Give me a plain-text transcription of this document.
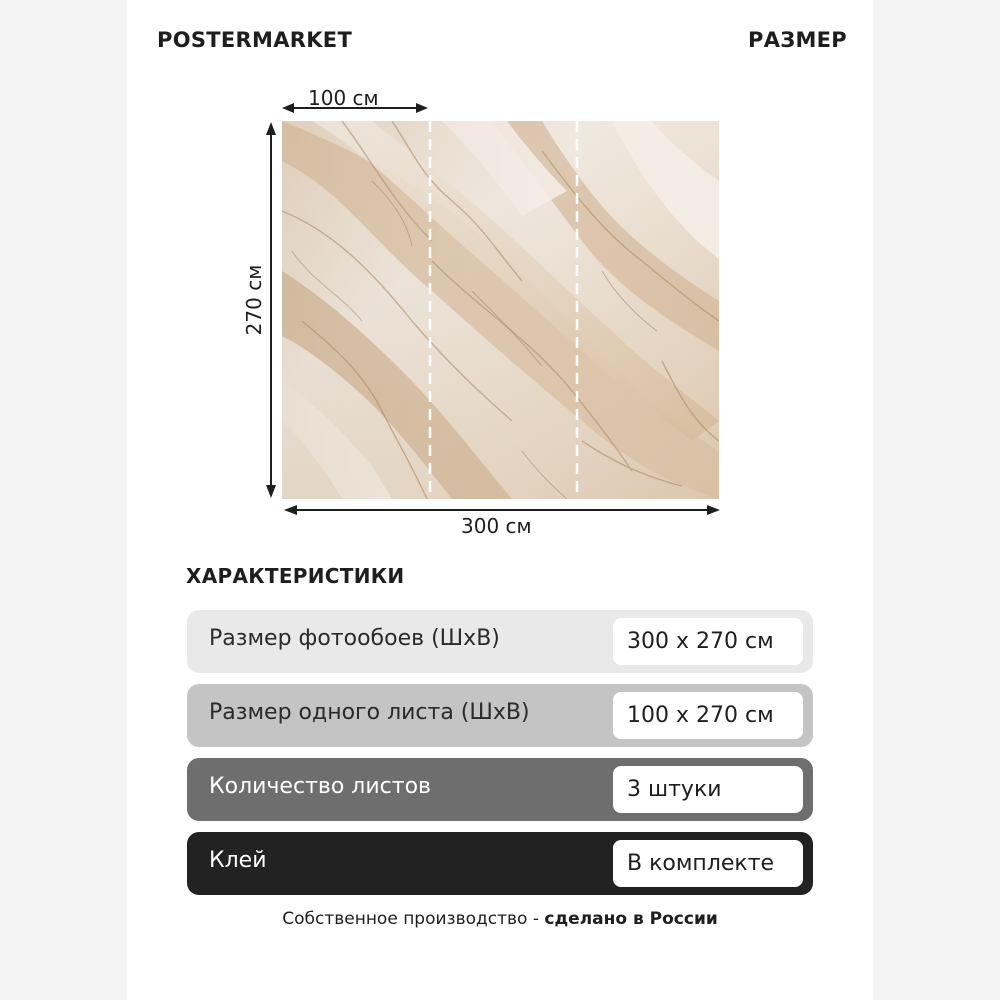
POSTERMARKET	РАЗМЕР
100 см
270 см
300 см
ХАРАКТЕРИСТИКИ
Размер фотообоев (ШхВ)	300 x 270 см
Размер одного листа (ШхВ)	100 x 270 см
Количество листов	3 штуки
Клей	В комплекте
Собственное производство - сделано в России
